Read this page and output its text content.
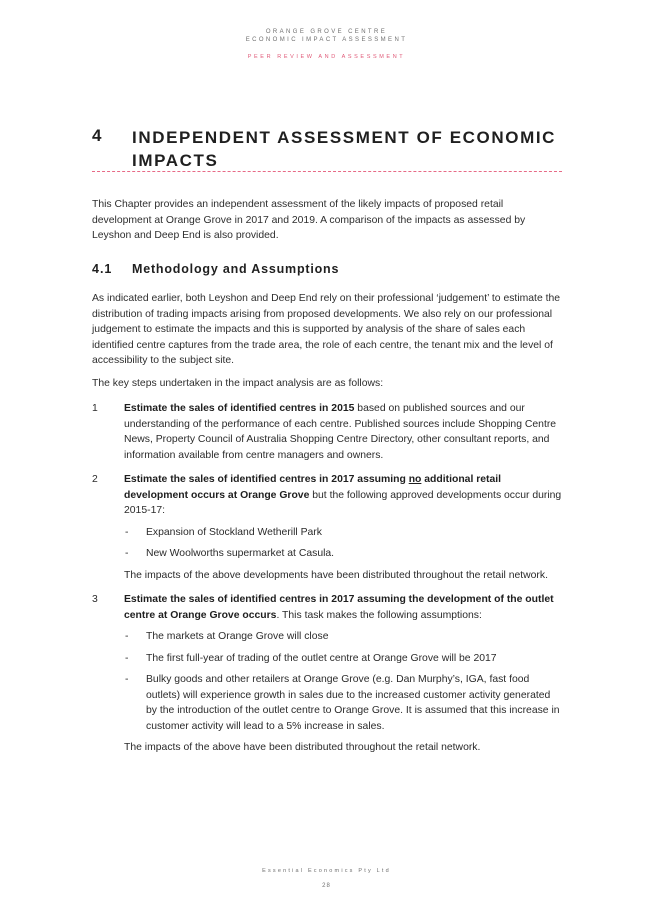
ORANGE GROVE CENTRE
ECONOMIC IMPACT ASSESSMENT
PEER REVIEW AND ASSESSMENT
4	INDEPENDENT ASSESSMENT OF ECONOMIC IMPACTS

This Chapter provides an independent assessment of the likely impacts of proposed retail development at Orange Grove in 2017 and 2019. A comparison of the impacts as assessed by Leyshon and Deep End is also provided.

4.1	Methodology and Assumptions

As indicated earlier, both Leyshon and Deep End rely on their professional ‘judgement’ to estimate the distribution of trading impacts arising from proposed developments. We also rely on our professional judgement to estimate the impacts and this is supported by analysis of the share of sales each identified centre captures from the trade area, the role of each centre, the tenant mix and the level of accessibility to the subject site.

The key steps undertaken in the impact analysis are as follows:

1	Estimate the sales of identified centres in 2015 based on published sources and our understanding of the performance of each centre. Published sources include Shopping Centre News, Property Council of Australia Shopping Centre Directory, other consultant reports, and information available from centre managers and owners.
2	Estimate the sales of identified centres in 2017 assuming no additional retail development occurs at Orange Grove but the following approved developments occur during 2015-17:
- Expansion of Stockland Wetherill Park
- New Woolworths supermarket at Casula.
The impacts of the above developments have been distributed throughout the retail network.
3	Estimate the sales of identified centres in 2017 assuming the development of the outlet centre at Orange Grove occurs. This task makes the following assumptions:
- The markets at Orange Grove will close
- The first full-year of trading of the outlet centre at Orange Grove will be 2017
- Bulky goods and other retailers at Orange Grove (e.g. Dan Murphy’s, IGA, fast food outlets) will experience growth in sales due to the increased customer activity generated by the introduction of the outlet centre to Orange Grove. It is assumed that this increase in customer activity will lead to a 5% increase in sales.
The impacts of the above have been distributed throughout the retail network.
Essential Economics Pty Ltd
28
